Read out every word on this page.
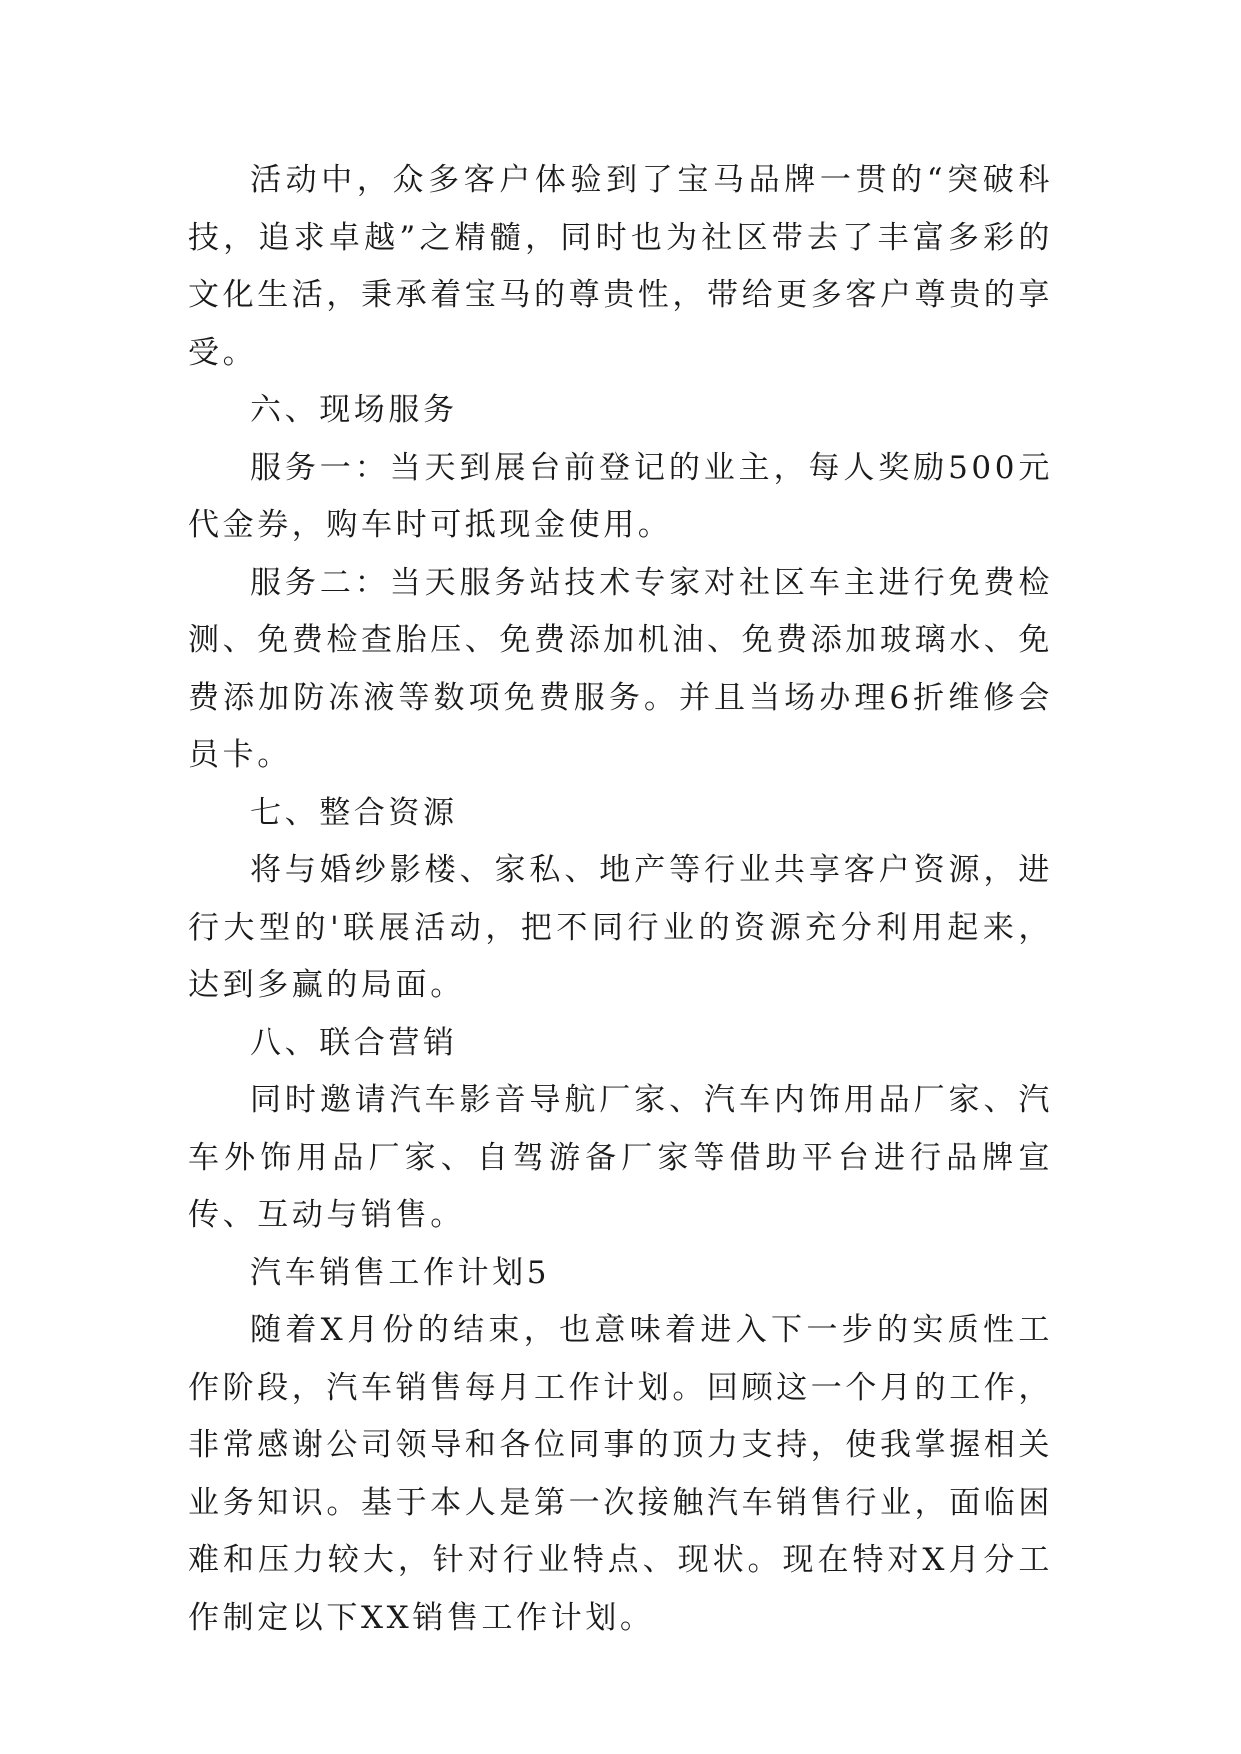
活动中，众多客户体验到了宝马品牌一贯的“突破科技，追求卓越”之精髓，同时也为社区带去了丰富多彩的文化生活，秉承着宝马的尊贵性，带给更多客户尊贵的享受。

六、现场服务

服务一：当天到展台前登记的业主，每人奖励500元代金券，购车时可抵现金使用。

服务二：当天服务站技术专家对社区车主进行免费检测、免费检查胎压、免费添加机油、免费添加玻璃水、免费添加防冻液等数项免费服务。并且当场办理6折维修会员卡。

七、整合资源

将与婚纱影楼、家私、地产等行业共享客户资源，进行大型的'联展活动，把不同行业的资源充分利用起来，达到多赢的局面。

八、联合营销

同时邀请汽车影音导航厂家、汽车内饰用品厂家、汽车外饰用品厂家、自驾游备厂家等借助平台进行品牌宣传、互动与销售。

汽车销售工作计划5

随着X月份的结束，也意味着进入下一步的实质性工作阶段，汽车销售每月工作计划。回顾这一个月的工作，非常感谢公司领导和各位同事的顶力支持，使我掌握相关业务知识。基于本人是第一次接触汽车销售行业，面临困难和压力较大，针对行业特点、现状。现在特对X月分工作制定以下XX销售工作计划。
